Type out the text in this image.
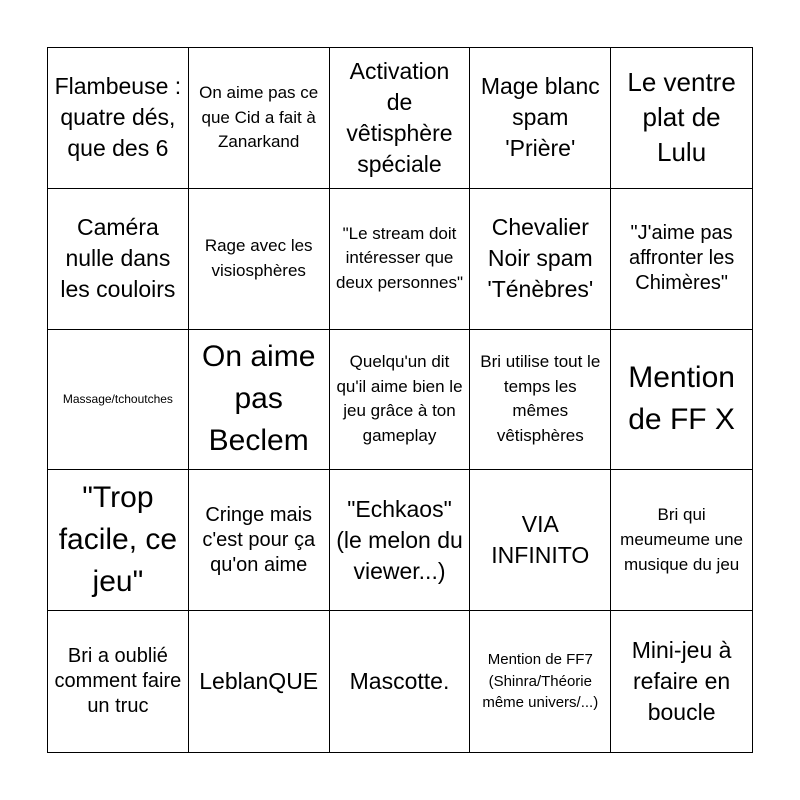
Flambeuse : quatre dés, que des 6
On aime pas ce que Cid a fait à Zanarkand
Activation de vêtisphère spéciale
Mage blanc spam 'Prière'
Le ventre plat de Lulu
Caméra nulle dans les couloirs
Rage avec les visiosphères
"Le stream doit intéresser que deux personnes"
Chevalier Noir spam 'Ténèbres'
"J'aime pas affronter les Chimères"
Massage/tchoutches
On aime pas Beclem
Quelqu'un dit qu'il aime bien le jeu grâce à ton gameplay
Bri utilise tout le temps les mêmes vêtisphères
Mention de FF X
"Trop facile, ce jeu"
Cringe mais c'est pour ça qu'on aime
"Echkaos" (le melon du viewer...)
VIA INFINITO
Bri qui meumeume une musique du jeu
Bri a oublié comment faire un truc
LeblanQUE Mascotte.
Mention de FF7 (Shinra/Théorie même univers/...)
Mini-jeu à refaire en boucle
